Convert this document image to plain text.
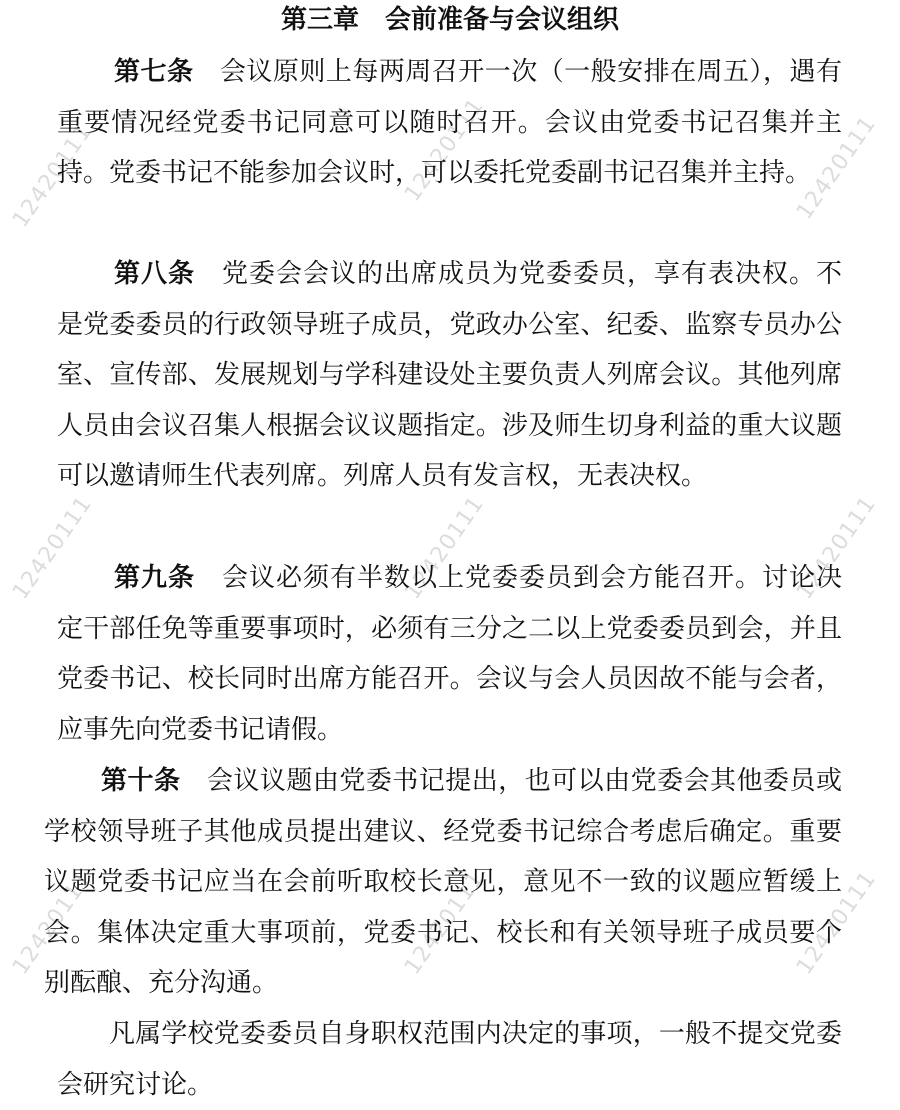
12420111	12420111	12420111
12420111	12420111	12420111
12420111	12420111	12420111
第三章　会前准备与会议组织

第七条　 会议原则上每两周召开一次（一般安排在周五），遇有重要情况经党委书记同意可以随时召开。会议由党委书记召集并主持。党委书记不能参加会议时，可以委托党委副书记召集并主持。

第八条　 党委会会议的出席成员为党委委员，享有表决权。不是党委委员的行政领导班子成员，党政办公室、纪委、监察专员办公室、宣传部、发展规划与学科建设处主要负责人列席会议。其他列席人员由会议召集人根据会议议题指定。涉及师生切身利益的重大议题可以邀请师生代表列席。列席人员有发言权，无表决权。

第九条　 会议必须有半数以上党委委员到会方能召开。讨论决定干部任免等重要事项时，必须有三分之二以上党委委员到会，并且党委书记、校长同时出席方能召开。会议与会人员因故不能与会者，应事先向党委书记请假。

第十条　 会议议题由党委书记提出，也可以由党委会其他委员或学校领导班子其他成员提出建议、经党委书记综合考虑后确定。重要议题党委书记应当在会前听取校长意见，意见不一致的议题应暂缓上会。集体决定重大事项前，党委书记、校长和有关领导班子成员要个别酝酿、充分沟通。

凡属学校党委委员自身职权范围内决定的事项，一般不提交党委会研究讨论。
